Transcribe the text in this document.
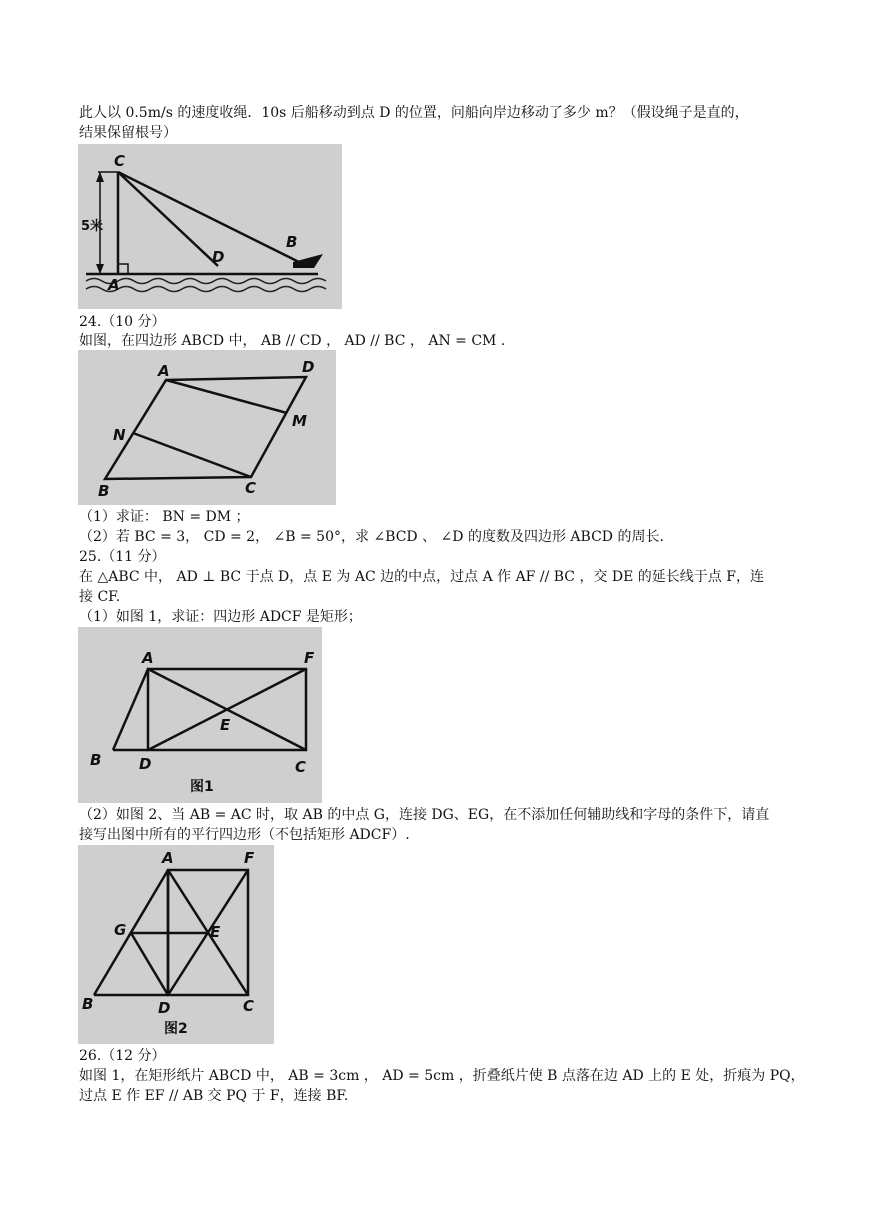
此人以 0.5m/s 的速度收绳．10s 后船移动到点 D 的位置，问船向岸边移动了多少 m？（假设绳子是直的，
结果保留根号）
C
D
B
A
5米
24.（10 分）
如图，在四边形 ABCD 中， AB // CD ， AD // BC ， AN = CM .
A	D
N
M
B	C
（1）求证： BN = DM ；
（2）若 BC = 3， CD = 2， ∠B = 50°，求 ∠BCD 、 ∠D 的度数及四边形 ABCD 的周长.
25.（11 分）
在 △ABC 中， AD ⊥ BC 于点 D，点 E 为 AC 边的中点，过点 A 作 AF // BC ，交 DE 的延长线于点 F，连
接 CF.
（1）如图 1，求证：四边形 ADCF 是矩形；
A	F
E
B	D	C
图1
（2）如图 2、当 AB = AC 时，取 AB 的中点 G，连接 DG、EG，在不添加任何辅助线和字母的条件下，请直
接写出图中所有的平行四边形（不包括矩形 ADCF）.
A	F
G	E
B	D	C
图2
26.（12 分）
如图 1，在矩形纸片 ABCD 中， AB = 3cm ， AD = 5cm ，折叠纸片使 B 点落在边 AD 上的 E 处，折痕为 PQ，
过点 E 作 EF // AB 交 PQ 于 F，连接 BF.
